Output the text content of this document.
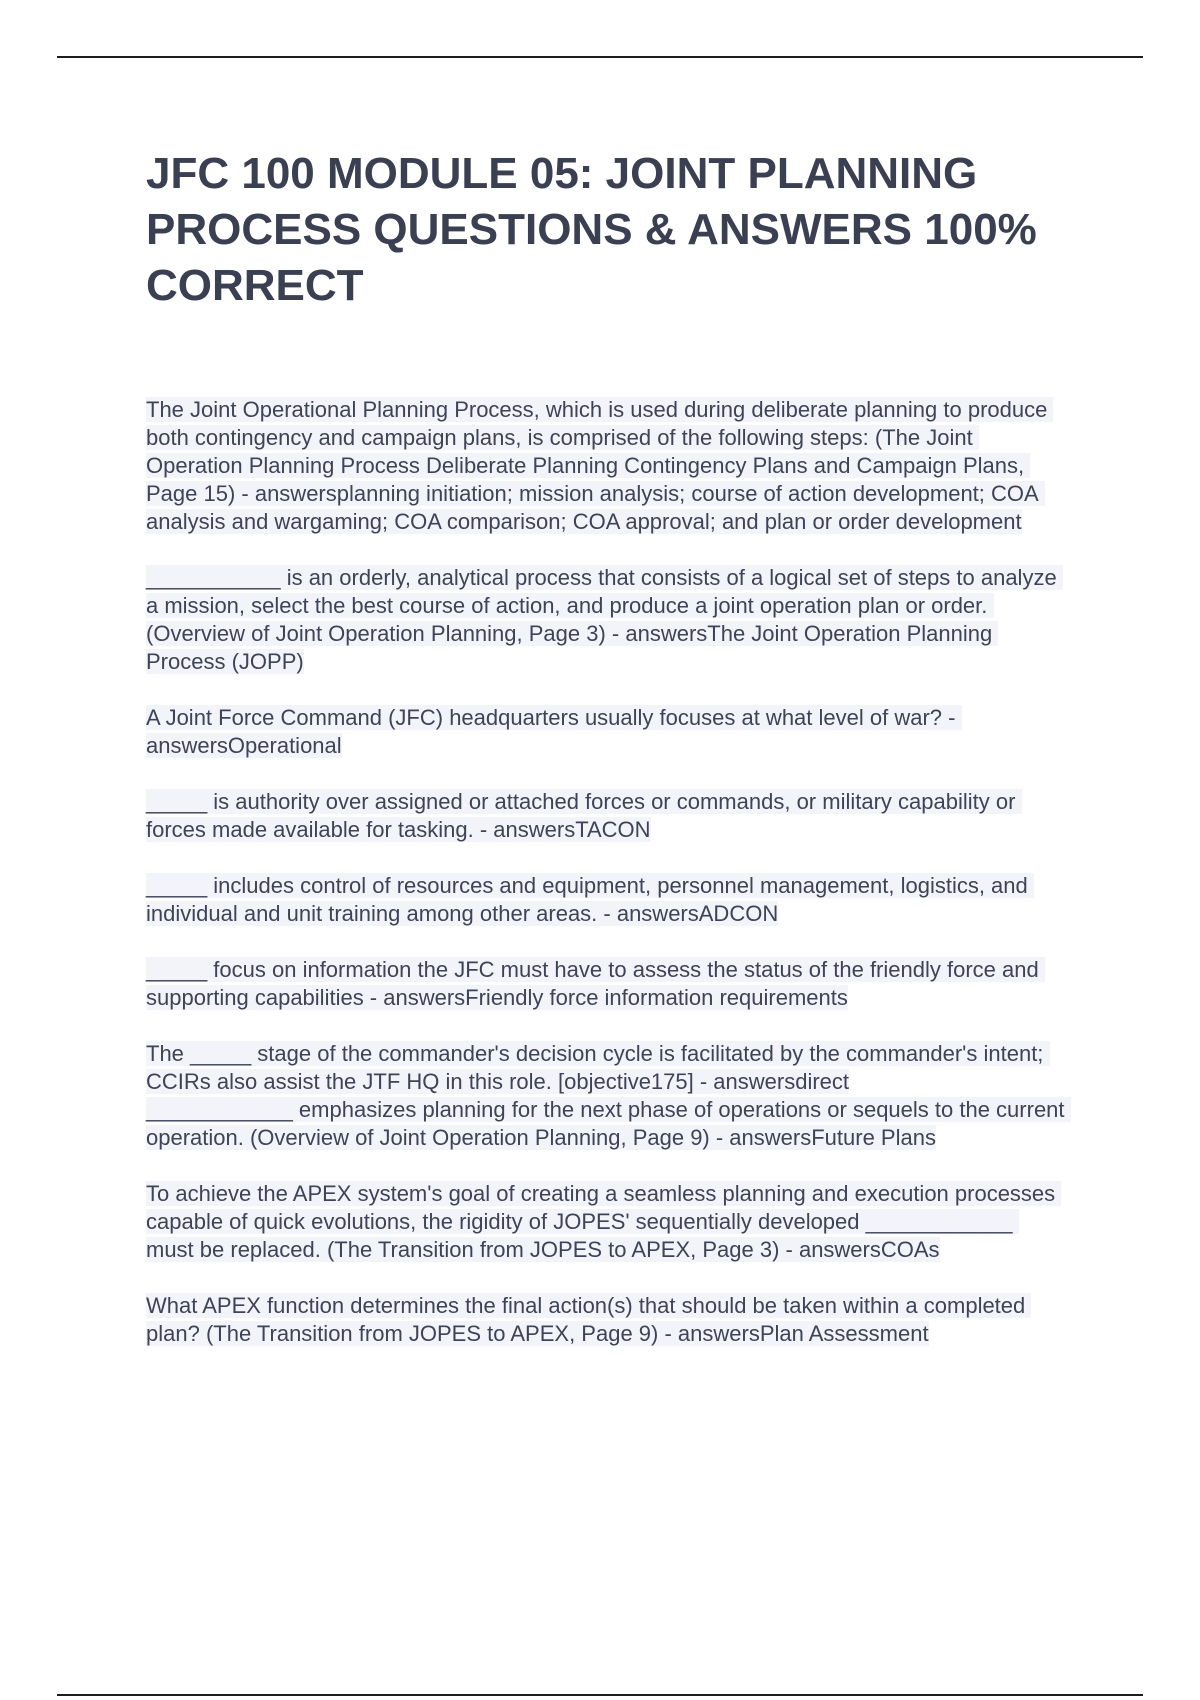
JFC 100 MODULE 05: JOINT PLANNING PROCESS QUESTIONS & ANSWERS 100% CORRECT

The Joint Operational Planning Process, which is used during deliberate planning to produce both contingency and campaign plans, is comprised of the following steps: (The Joint Operation Planning Process Deliberate Planning Contingency Plans and Campaign Plans, Page 15) - answersplanning initiation; mission analysis; course of action development; COA analysis and wargaming; COA comparison; COA approval; and plan or order development

___________ is an orderly, analytical process that consists of a logical set of steps to analyze a mission, select the best course of action, and produce a joint operation plan or order. (Overview of Joint Operation Planning, Page 3) - answersThe Joint Operation Planning Process (JOPP)

A Joint Force Command (JFC) headquarters usually focuses at what level of war? - answersOperational

_____ is authority over assigned or attached forces or commands, or military capability or forces made available for tasking. - answersTACON

_____ includes control of resources and equipment, personnel management, logistics, and individual and unit training among other areas. - answersADCON

_____ focus on information the JFC must have to assess the status of the friendly force and supporting capabilities - answersFriendly force information requirements

The _____ stage of the commander's decision cycle is facilitated by the commander's intent; CCIRs also assist the JTF HQ in this role. [objective175] - answersdirect

____________ emphasizes planning for the next phase of operations or sequels to the current operation. (Overview of Joint Operation Planning, Page 9) - answersFuture Plans

To achieve the APEX system's goal of creating a seamless planning and execution processes capable of quick evolutions, the rigidity of JOPES' sequentially developed ____________ must be replaced. (The Transition from JOPES to APEX, Page 3) - answersCOAs

What APEX function determines the final action(s) that should be taken within a completed plan? (The Transition from JOPES to APEX, Page 9) - answersPlan Assessment
